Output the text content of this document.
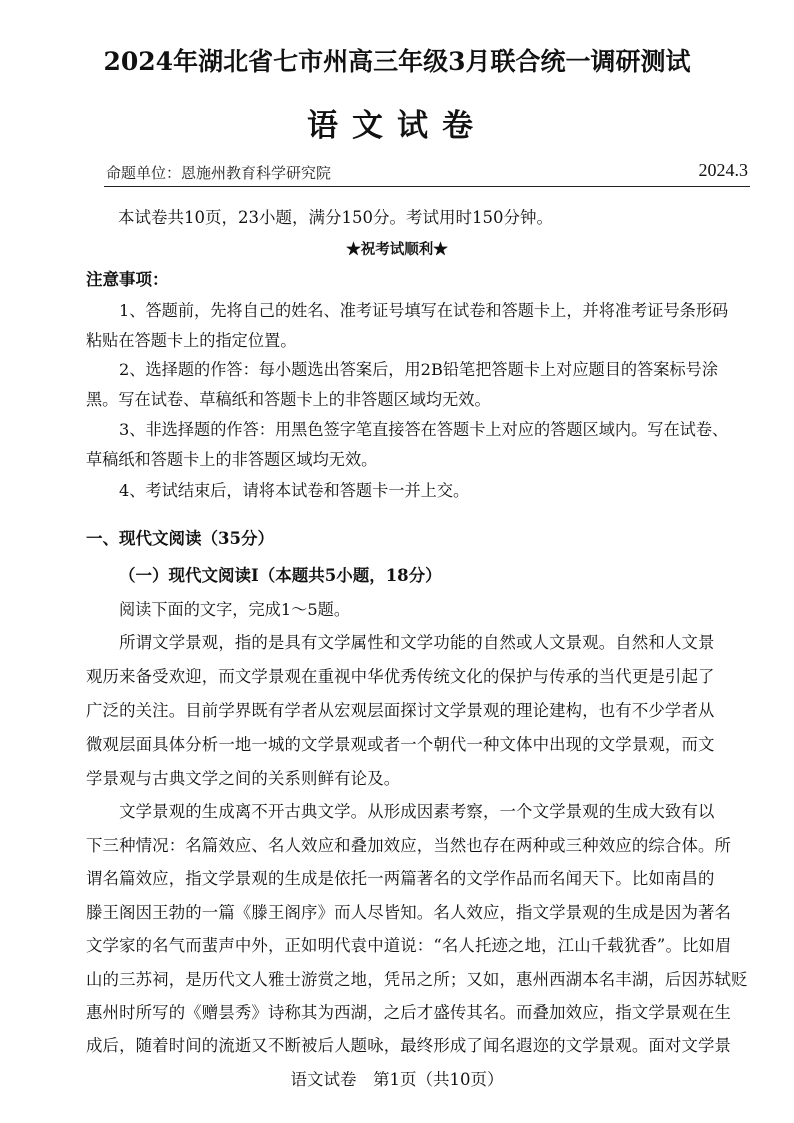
2024年湖北省七市州高三年级3月联合统一调研测试
语文试卷
命题单位：恩施州教育科学研究院	2024.3
本试卷共10页，23小题，满分150分。考试用时150分钟。
★祝考试顺利★
注意事项：
1、答题前，先将自己的姓名、准考证号填写在试卷和答题卡上，并将准考证号条形码
粘贴在答题卡上的指定位置。
2、选择题的作答：每小题选出答案后，用2B铅笔把答题卡上对应题目的答案标号涂
黑。写在试卷、草稿纸和答题卡上的非答题区域均无效。
3、非选择题的作答：用黑色签字笔直接答在答题卡上对应的答题区域内。写在试卷、
草稿纸和答题卡上的非答题区域均无效。
4、考试结束后，请将本试卷和答题卡一并上交。
一、现代文阅读（35分）
（一）现代文阅读Ⅰ（本题共5小题，18分）
阅读下面的文字，完成1～5题。
　　所谓文学景观，指的是具有文学属性和文学功能的自然或人文景观。自然和人文景
观历来备受欢迎，而文学景观在重视中华优秀传统文化的保护与传承的当代更是引起了
广泛的关注。目前学界既有学者从宏观层面探讨文学景观的理论建构，也有不少学者从
微观层面具体分析一地一城的文学景观或者一个朝代一种文体中出现的文学景观，而文
学景观与古典文学之间的关系则鲜有论及。
　　文学景观的生成离不开古典文学。从形成因素考察，一个文学景观的生成大致有以
下三种情况：名篇效应、名人效应和叠加效应，当然也存在两种或三种效应的综合体。所
谓名篇效应，指文学景观的生成是依托一两篇著名的文学作品而名闻天下。比如南昌的
滕王阁因王勃的一篇《滕王阁序》而人尽皆知。名人效应，指文学景观的生成是因为著名
文学家的名气而蜚声中外，正如明代袁中道说：“名人托迹之地，江山千载犹香”。比如眉
山的三苏祠，是历代文人雅士游赏之地，凭吊之所；又如，惠州西湖本名丰湖，后因苏轼贬
惠州时所写的《赠昙秀》诗称其为西湖，之后才盛传其名。而叠加效应，指文学景观在生
成后，随着时间的流逝又不断被后人题咏，最终形成了闻名遐迩的文学景观。面对文学景
语文试卷　第1页（共10页）
